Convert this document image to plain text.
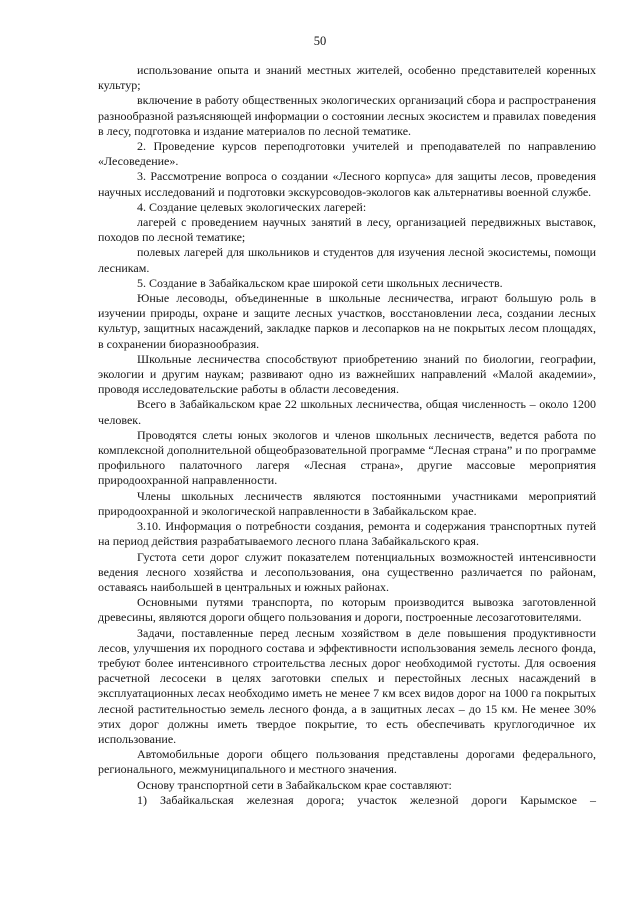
50

использование опыта и знаний местных жителей, особенно представителей коренных культур;

включение в работу общественных экологических организаций сбора и распространения разнообразной разъясняющей информации о состоянии лесных экосистем и правилах поведения в лесу, подготовка и издание материалов по лесной тематике.

2. Проведение курсов переподготовки учителей и преподавателей по направлению «Лесоведение».

3. Рассмотрение вопроса о создании «Лесного корпуса» для защиты лесов, проведения научных исследований и подготовки экскурсоводов-экологов как альтернативы военной службе.

4. Создание целевых экологических лагерей:

лагерей с проведением научных занятий в лесу, организацией передвижных выставок, походов по лесной тематике;

полевых лагерей для школьников и студентов для изучения лесной экосистемы, помощи лесникам.

5. Создание в Забайкальском крае широкой сети школьных лесничеств.

Юные лесоводы, объединенные в школьные лесничества, играют большую роль в изучении природы, охране и защите лесных участков, восстановлении леса, создании лесных культур, защитных насаждений, закладке парков и лесопарков на не покрытых лесом площадях, в сохранении биоразнообразия.

Школьные лесничества способствуют приобретению знаний по биологии, географии, экологии и другим наукам; развивают одно из важнейших направлений «Малой академии», проводя исследовательские работы в области лесоведения.

Всего в Забайкальском крае 22 школьных лесничества, общая численность – около 1200 человек.

Проводятся слеты юных экологов и членов школьных лесничеств, ведется работа по комплексной дополнительной общеобразовательной программе “Лесная страна” и по программе профильного палаточного лагеря «Лесная страна», другие массовые мероприятия природоохранной направленности.

Члены школьных лесничеств являются постоянными участниками мероприятий природоохранной и экологической направленности в Забайкальском крае.

3.10. Информация о потребности создания, ремонта и содержания транспортных путей на период действия разрабатываемого лесного плана Забайкальского края.

Густота сети дорог служит показателем потенциальных возможностей интенсивности ведения лесного хозяйства и лесопользования, она существенно различается по районам, оставаясь наибольшей в центральных и южных районах.

Основными путями транспорта, по которым производится вывозка заготовленной древесины, являются дороги общего пользования и дороги, построенные лесозаготовителями.

Задачи, поставленные перед лесным хозяйством в деле повышения продуктивности лесов, улучшения их породного состава и эффективности использования земель лесного фонда, требуют более интенсивного строительства лесных дорог необходимой густоты. Для освоения расчетной лесосеки в целях заготовки спелых и перестойных лесных насаждений в эксплуатационных лесах необходимо иметь не менее 7 км всех видов дорог на 1000 га покрытых лесной растительностью земель лесного фонда, а в защитных лесах – до 15 км. Не менее 30% этих дорог должны иметь твердое покрытие, то есть обеспечивать круглогодичное их использование.

Автомобильные дороги общего пользования представлены дорогами федерального, регионального, межмуниципального и местного значения.

Основу транспортной сети в Забайкальском крае составляют:

1) Забайкальская железная дорога; участок железной дороги Карымское –
